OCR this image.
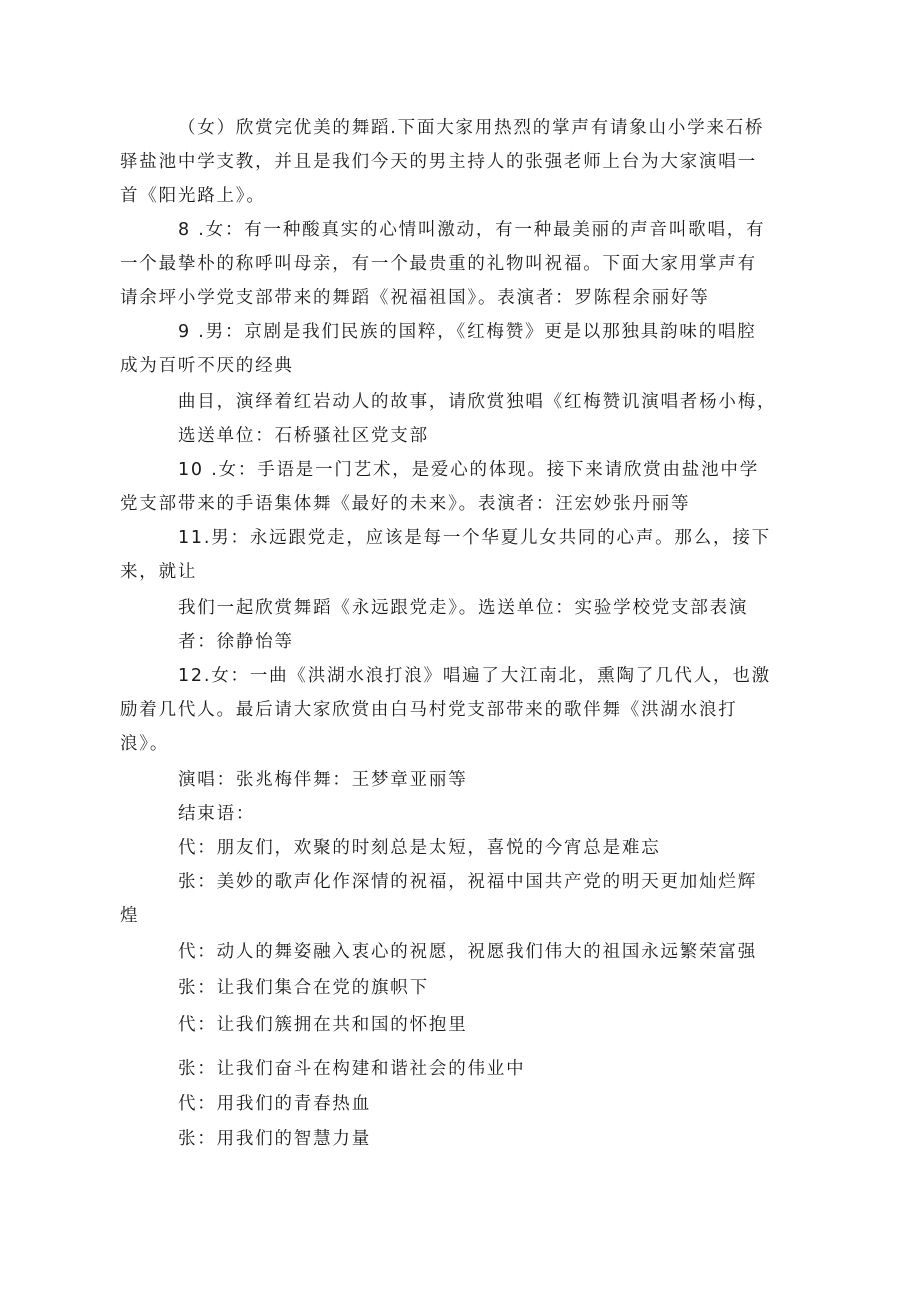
（女）欣赏完优美的舞蹈.下面大家用热烈的掌声有请象山小学来石桥
驿盐池中学支教，并且是我们今天的男主持人的张强老师上台为大家演唱一
首《阳光路上》。
8 .女：有一种酸真实的心情叫激动，有一种最美丽的声音叫歌唱，有
一个最挚朴的称呼叫母亲，有一个最贵重的礼物叫祝福。下面大家用掌声有
请余坪小学党支部带来的舞蹈《祝福祖国》。表演者：罗陈程余丽好等
9 .男：京剧是我们民族的国粹，《红梅赞》更是以那独具韵味的唱腔
成为百听不厌的经典
曲目，演绎着红岩动人的故事，请欣赏独唱《红梅赞讥演唱者杨小梅，
选送单位：石桥骚社区党支部
10 .女：手语是一门艺术，是爱心的体现。接下来请欣赏由盐池中学
党支部带来的手语集体舞《最好的未来》。表演者：汪宏妙张丹丽等
11.男：永远跟党走，应该是每一个华夏儿女共同的心声。那么，接下
来，就让
我们一起欣赏舞蹈《永远跟党走》。选送单位：实验学校党支部表演
者：徐静怡等
12.女：一曲《洪湖水浪打浪》唱遍了大江南北，熏陶了几代人，也激
励着几代人。最后请大家欣赏由白马村党支部带来的歌伴舞《洪湖水浪打
浪》。
演唱：张兆梅伴舞：王梦章亚丽等
结束语：
代：朋友们，欢聚的时刻总是太短，喜悦的今宵总是难忘
张：美妙的歌声化作深情的祝福，祝福中国共产党的明天更加灿烂辉
煌
代：动人的舞姿融入衷心的祝愿，祝愿我们伟大的祖国永远繁荣富强
张：让我们集合在党的旗帜下
代：让我们簇拥在共和国的怀抱里
张：让我们奋斗在构建和谐社会的伟业中
代：用我们的青春热血
张：用我们的智慧力量
